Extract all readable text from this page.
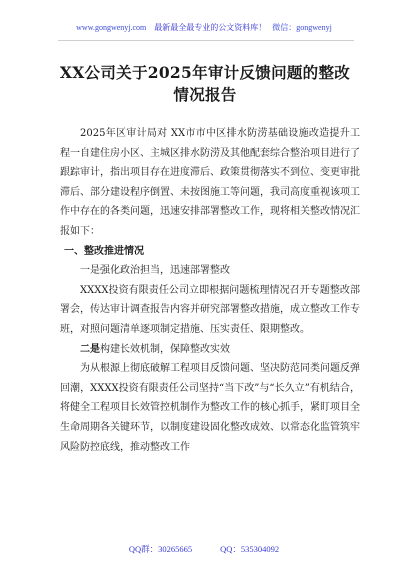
www.gongwenyj.com 最新最全最专业的公文资料库！ 微信：gongwenyj
XX公司关于2025年审计反馈问题的整改
情况报告

2025年区审计局对 XX市市中区排水防涝基础设施改造提升工程一自建住房小区、主城区排水防涝及其他配套综合整治项目进行了跟踪审计，指出项目存在进度滞后、政策贯彻落实不到位、变更审批滞后、部分建设程序倒置、未按图施工等问题，我司高度重视该项工作中存在的各类问题，迅速安排部署整改工作，现将相关整改情况汇报如下：

一、整改推进情况

一是强化政治担当，迅速部署整改

XXXX投资有限责任公司立即根据问题梳理情况召开专题整改部署会，传达审计调查报告内容并研究部署整改措施，成立整改工作专班，对照问题清单逐项制定措施、压实责任、限期整改。

二是构建长效机制，保障整改实效

为从根源上彻底破解工程项目反馈问题、坚决防范同类问题反弹回潮，XXXX投资有限责任公司坚持“当下改”与“长久立”有机结合，将健全工程项目长效管控机制作为整改工作的核心抓手，紧盯项目全生命周期各关键环节，以制度建设固化整改成效、以常态化监管筑牢风险防控底线，推动整改工作

QQ群：30265665	QQ：535304092
